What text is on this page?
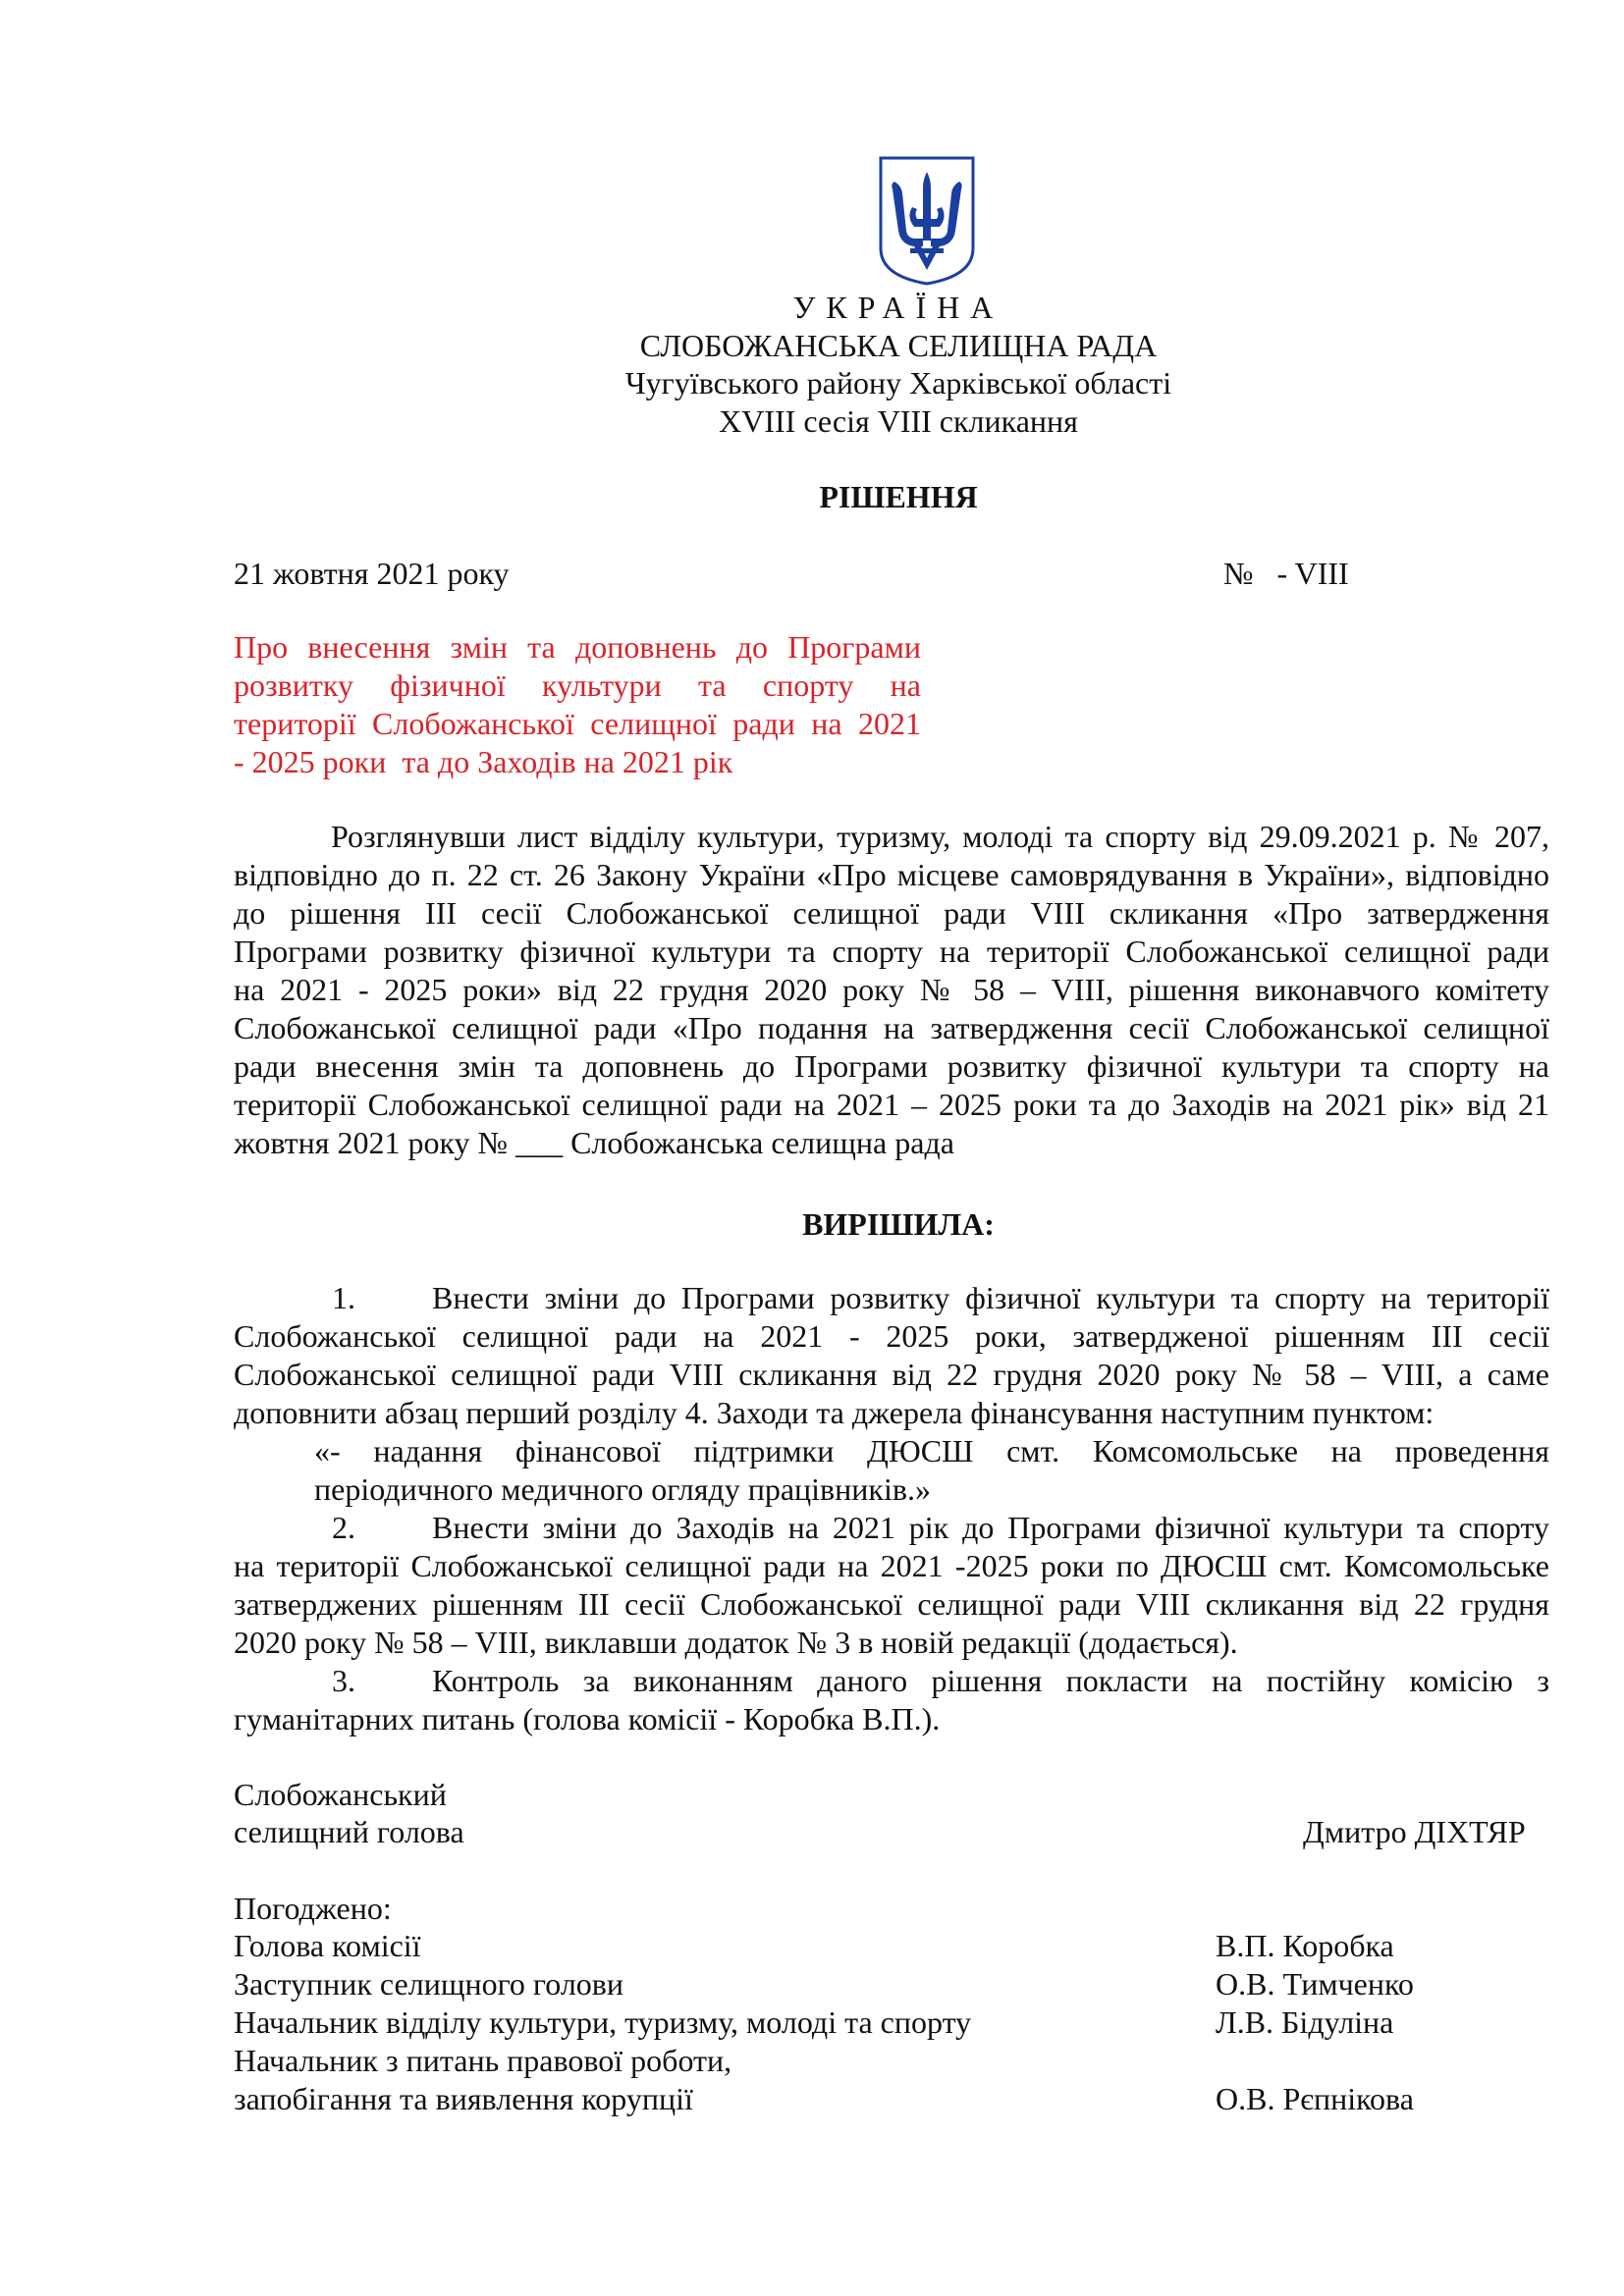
УКРАЇНА
СЛОБОЖАНСЬКА СЕЛИЩНА РАДА
Чугуївського району Харківської області
XVIII сесія VIII скликання
РІШЕННЯ
21 жовтня 2021 року	№   - VIII
Про внесення змін та доповнень до Програми
розвитку фізичної культури та спорту на
території Слобожанської селищної ради на 2021
- 2025 роки  та до Заходів на 2021 рік
Розглянувши лист відділу культури, туризму, молоді та спорту від 29.09.2021 р. № 207,
відповідно до п. 22 ст. 26 Закону України «Про місцеве самоврядування в України», відповідно
до рішення ІІІ сесії Слобожанської селищної ради VIII скликання «Про затвердження
Програми розвитку фізичної культури та спорту на території Слобожанської селищної ради
на 2021 - 2025 роки» від 22 грудня 2020 року № 58 – VIII, рішення виконавчого комітету
Слобожанської селищної ради «Про подання на затвердження сесії Слобожанської селищної
ради внесення змін та доповнень до Програми розвитку фізичної культури та спорту на
території Слобожанської селищної ради на 2021 – 2025 роки та до Заходів на 2021 рік» від 21
жовтня 2021 року № ___ Слобожанська селищна рада
ВИРІШИЛА:
1.	Внести зміни до Програми розвитку фізичної культури та спорту на території
Слобожанської селищної ради на 2021 - 2025 роки, затвердженої рішенням ІІІ сесії
Слобожанської селищної ради VIII скликання від 22 грудня 2020 року № 58 – VIII, а саме
доповнити абзац перший розділу 4. Заходи та джерела фінансування наступним пунктом:
«- надання фінансової підтримки ДЮСШ смт. Комсомольське на проведення
періодичного медичного огляду працівників.»
2.	Внести зміни до Заходів на 2021 рік до Програми фізичної культури та спорту
на території Слобожанської селищної ради на 2021 -2025 роки по ДЮСШ смт. Комсомольське
затверджених рішенням ІІІ сесії Слобожанської селищної ради VIII скликання від 22 грудня
2020 року № 58 – VIII, виклавши додаток № 3 в новій редакції (додається).
3.	Контроль за виконанням даного рішення покласти на постійну комісію з
гуманітарних питань (голова комісії - Коробка В.П.).
Слобожанський
селищний голова	Дмитро ДІХТЯР
Погоджено:
Голова комісії	В.П. Коробка
Заступник селищного голови	О.В. Тимченко
Начальник відділу культури, туризму, молоді та спорту	Л.В. Бідуліна
Начальник з питань правової роботи,
запобігання та виявлення корупції	О.В. Рєпнікова
